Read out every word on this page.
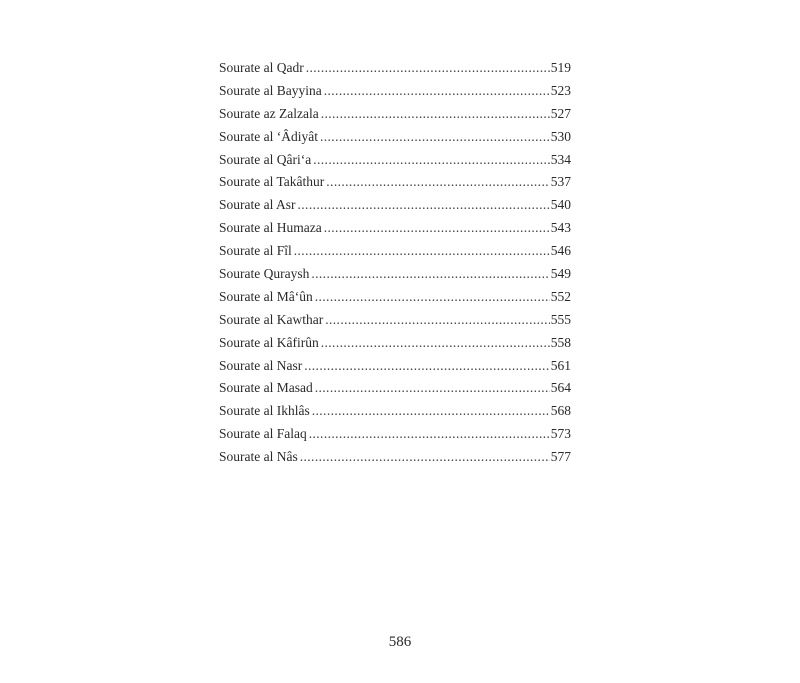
Sourate al Qadr .....	519
Sourate al Bayyina .....	523
Sourate az Zalzala .....	527
Sourate al ‘Âdiyât .....	530
Sourate al Qâri‘a .....	534
Sourate al Takâthur .....	537
Sourate al Asr .....	540
Sourate al Humaza .....	543
Sourate al Fîl .....	546
Sourate Quraysh .....	549
Sourate al Mâ‘ûn .....	552
Sourate al Kawthar .....	555
Sourate al Kâfirûn .....	558
Sourate al Nasr .....	561
Sourate al Masad .....	564
Sourate al Ikhlâs .....	568
Sourate al Falaq .....	573
Sourate al Nâs .....	577
586
